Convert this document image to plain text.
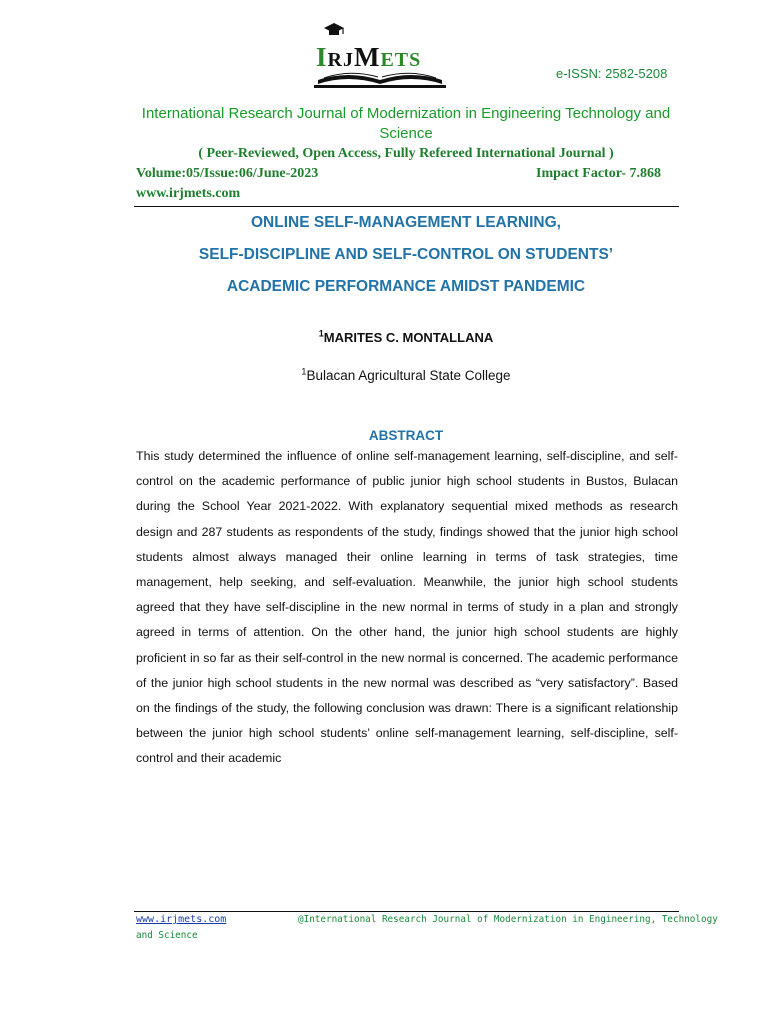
IRJMETS
e-ISSN: 2582-5208
International Research Journal of Modernization in Engineering Technology and Science
( Peer-Reviewed, Open Access, Fully Refereed International Journal )
Volume:05/Issue:06/June-2023	Impact Factor- 7.868
www.irjmets.com
ONLINE SELF-MANAGEMENT LEARNING,
SELF-DISCIPLINE AND SELF-CONTROL ON STUDENTS’
ACADEMIC PERFORMANCE AMIDST PANDEMIC
$^1$MARITES C. MONTALLANA
$^1$Bulacan Agricultural State College
ABSTRACT
This study determined the influence of online self-management learning, self-discipline, and self-control on the academic performance of public junior high school students in Bustos, Bulacan during the School Year 2021-2022. With explanatory sequential mixed methods as research design and 287 students as respondents of the study, findings showed that the junior high school students almost always managed their online learning in terms of task strategies, time management, help seeking, and self-evaluation. Meanwhile, the junior high school students agreed that they have self-discipline in the new normal in terms of study in a plan and strongly agreed in terms of attention. On the other hand, the junior high school students are highly proficient in so far as their self-control in the new normal is concerned. The academic performance of the junior high school students in the new normal was described as “very satisfactory”. Based on the findings of the study, the following conclusion was drawn: There is a significant relationship between the junior high school students’ online self-management learning, self-discipline, self-control and their academic
www.irjmets.com	@International Research Journal of Modernization in Engineering, Technology
and Science
